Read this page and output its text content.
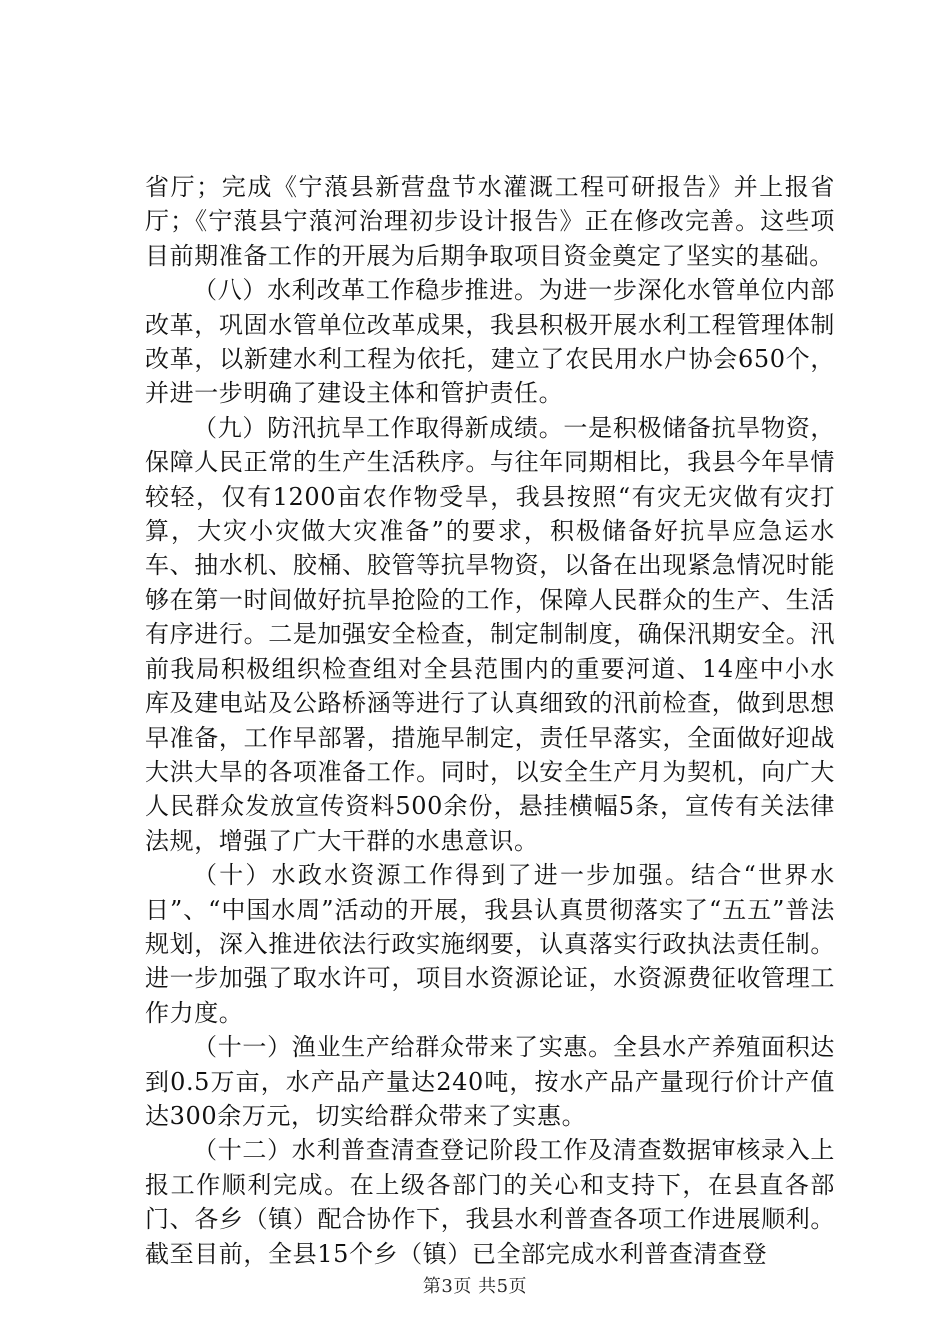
省厅；完成《宁蒗县新营盘节水灌溉工程可研报告》并上报省厅；《宁蒗县宁蒗河治理初步设计报告》正在修改完善。这些项目前期准备工作的开展为后期争取项目资金奠定了坚实的基础。

（八）水利改革工作稳步推进。为进一步深化水管单位内部改革，巩固水管单位改革成果，我县积极开展水利工程管理体制改革，以新建水利工程为依托，建立了农民用水户协会650个，并进一步明确了建设主体和管护责任。

（九）防汛抗旱工作取得新成绩。一是积极储备抗旱物资，保障人民正常的生产生活秩序。与往年同期相比，我县今年旱情较轻，仅有1200亩农作物受旱，我县按照“有灾无灾做有灾打算，大灾小灾做大灾准备”的要求，积极储备好抗旱应急运水车、抽水机、胶桶、胶管等抗旱物资，以备在出现紧急情况时能够在第一时间做好抗旱抢险的工作，保障人民群众的生产、生活有序进行。二是加强安全检查，制定制制度，确保汛期安全。汛前我局积极组织检查组对全县范围内的重要河道、14座中小水库及建电站及公路桥涵等进行了认真细致的汛前检查，做到思想早准备，工作早部署，措施早制定，责任早落实，全面做好迎战大洪大旱的各项准备工作。同时，以安全生产月为契机，向广大人民群众发放宣传资料500余份，悬挂横幅5条，宣传有关法律法规，增强了广大干群的水患意识。

（十）水政水资源工作得到了进一步加强。结合“世界水日”、“中国水周”活动的开展，我县认真贯彻落实了“五五”普法规划，深入推进依法行政实施纲要，认真落实行政执法责任制。进一步加强了取水许可，项目水资源论证，水资源费征收管理工作力度。

（十一）渔业生产给群众带来了实惠。全县水产养殖面积达到0.5万亩，水产品产量达240吨，按水产品产量现行价计产值达300余万元，切实给群众带来了实惠。

（十二）水利普查清查登记阶段工作及清查数据审核录入上报工作顺利完成。在上级各部门的关心和支持下，在县直各部门、各乡（镇）配合协作下，我县水利普查各项工作进展顺利。截至目前，全县15个乡（镇）已全部完成水利普查清查登

第3页 共5页
